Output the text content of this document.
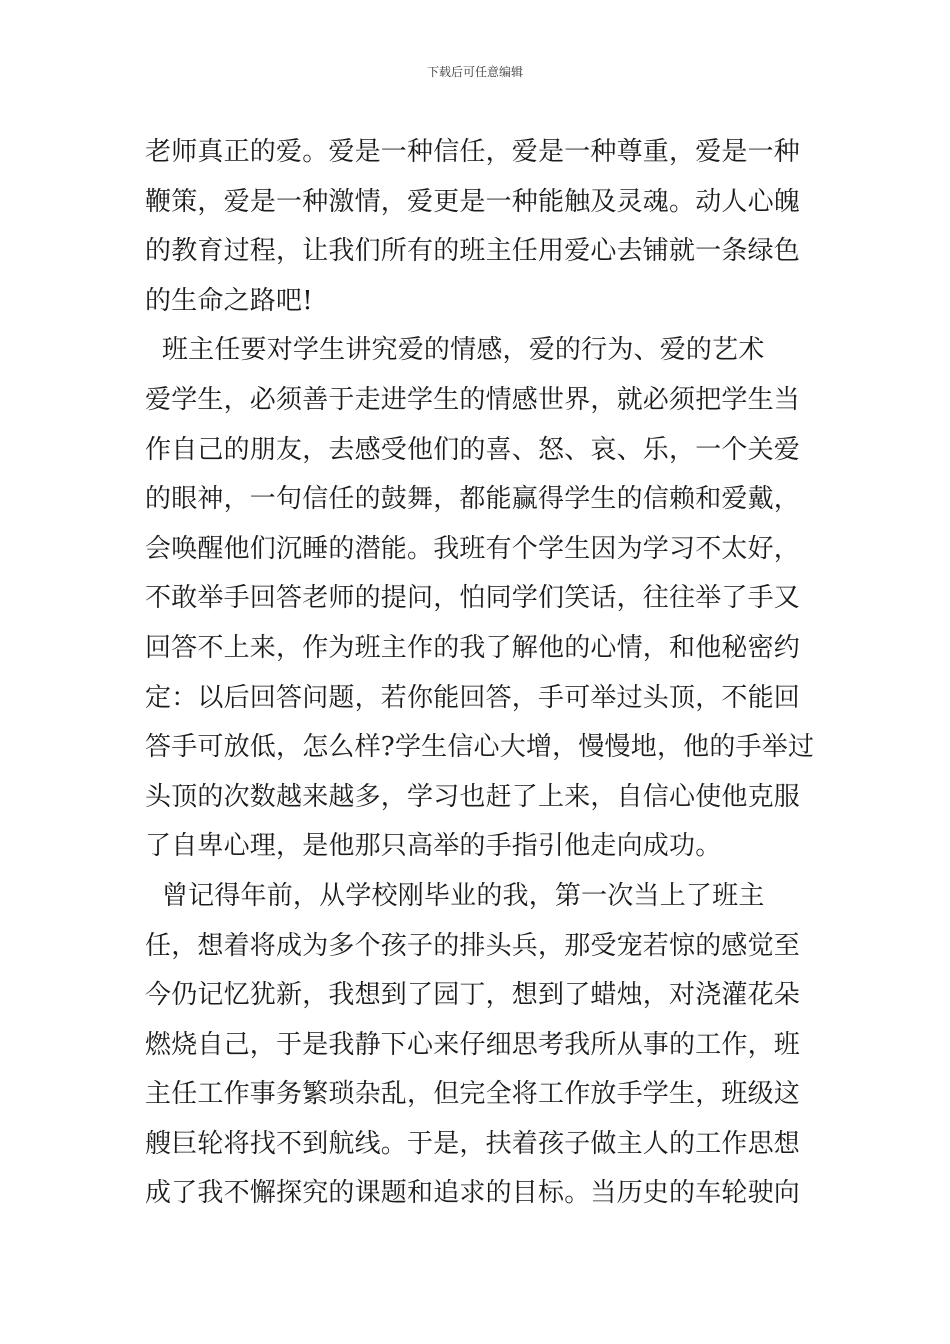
下载后可任意编辑
老师真正的爱。爱是一种信任，爱是一种尊重，爱是一种
鞭策，爱是一种激情，爱更是一种能触及灵魂。动人心魄
的教育过程，让我们所有的班主任用爱心去铺就一条绿色
的生命之路吧!
班主任要对学生讲究爱的情感，爱的行为、爱的艺术
爱学生，必须善于走进学生的情感世界，就必须把学生当
作自己的朋友，去感受他们的喜、怒、哀、乐，一个关爱
的眼神，一句信任的鼓舞，都能赢得学生的信赖和爱戴，
会唤醒他们沉睡的潜能。我班有个学生因为学习不太好，
不敢举手回答老师的提问，怕同学们笑话，往往举了手又
回答不上来，作为班主作的我了解他的心情，和他秘密约
定：以后回答问题，若你能回答，手可举过头顶，不能回
答手可放低，怎么样?学生信心大增，慢慢地，他的手举过
头顶的次数越来越多，学习也赶了上来，自信心使他克服
了自卑心理，是他那只高举的手指引他走向成功。
曾记得年前，从学校刚毕业的我，第一次当上了班主
任，想着将成为多个孩子的排头兵，那受宠若惊的感觉至
今仍记忆犹新，我想到了园丁，想到了蜡烛，对浇灌花朵
燃烧自己，于是我静下心来仔细思考我所从事的工作，班
主任工作事务繁琐杂乱，但完全将工作放手学生，班级这
艘巨轮将找不到航线。于是，扶着孩子做主人的工作思想
成了我不懈探究的课题和追求的目标。当历史的车轮驶向
